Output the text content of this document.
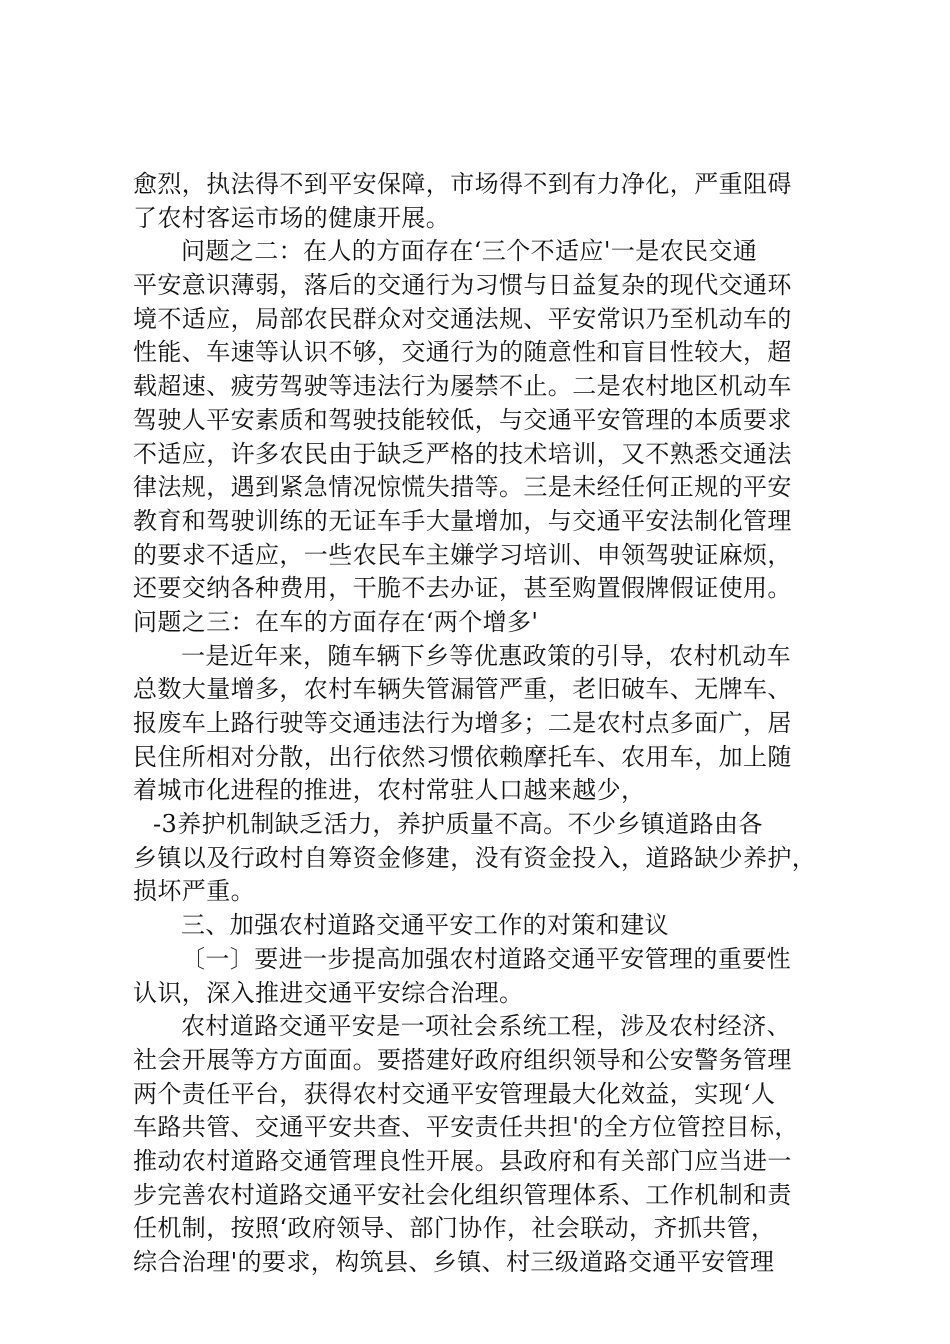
愈烈，执法得不到平安保障，市场得不到有力净化，严重阻碍
了农村客运市场的健康开展。
问题之二：在人的方面存在‘三个不适应'一是农民交通
平安意识薄弱，落后的交通行为习惯与日益复杂的现代交通环
境不适应，局部农民群众对交通法规、平安常识乃至机动车的
性能、车速等认识不够，交通行为的随意性和盲目性较大，超
载超速、疲劳驾驶等违法行为屡禁不止。二是农村地区机动车
驾驶人平安素质和驾驶技能较低，与交通平安管理的本质要求
不适应，许多农民由于缺乏严格的技术培训，又不熟悉交通法
律法规，遇到紧急情况惊慌失措等。三是未经任何正规的平安
教育和驾驶训练的无证车手大量增加，与交通平安法制化管理
的要求不适应，一些农民车主嫌学习培训、申领驾驶证麻烦，
还要交纳各种费用，干脆不去办证，甚至购置假牌假证使用。
问题之三：在车的方面存在‘两个增多'
一是近年来，随车辆下乡等优惠政策的引导，农村机动车
总数大量增多，农村车辆失管漏管严重，老旧破车、无牌车、
报废车上路行驶等交通违法行为增多；二是农村点多面广，居
民住所相对分散，出行依然习惯依赖摩托车、农用车，加上随
着城市化进程的推进，农村常驻人口越来越少，
-3养护机制缺乏活力，养护质量不高。不少乡镇道路由各
乡镇以及行政村自筹资金修建，没有资金投入，道路缺少养护，
损坏严重。
三、加强农村道路交通平安工作的对策和建议
〔一〕要进一步提高加强农村道路交通平安管理的重要性
认识，深入推进交通平安综合治理。
农村道路交通平安是一项社会系统工程，涉及农村经济、
社会开展等方方面面。要搭建好政府组织领导和公安警务管理
两个责任平台，获得农村交通平安管理最大化效益，实现‘人
车路共管、交通平安共查、平安责任共担'的全方位管控目标，
推动农村道路交通管理良性开展。县政府和有关部门应当进一
步完善农村道路交通平安社会化组织管理体系、工作机制和责
任机制，按照‘政府领导、部门协作，社会联动，齐抓共管，
综合治理'的要求，构筑县、乡镇、村三级道路交通平安管理
